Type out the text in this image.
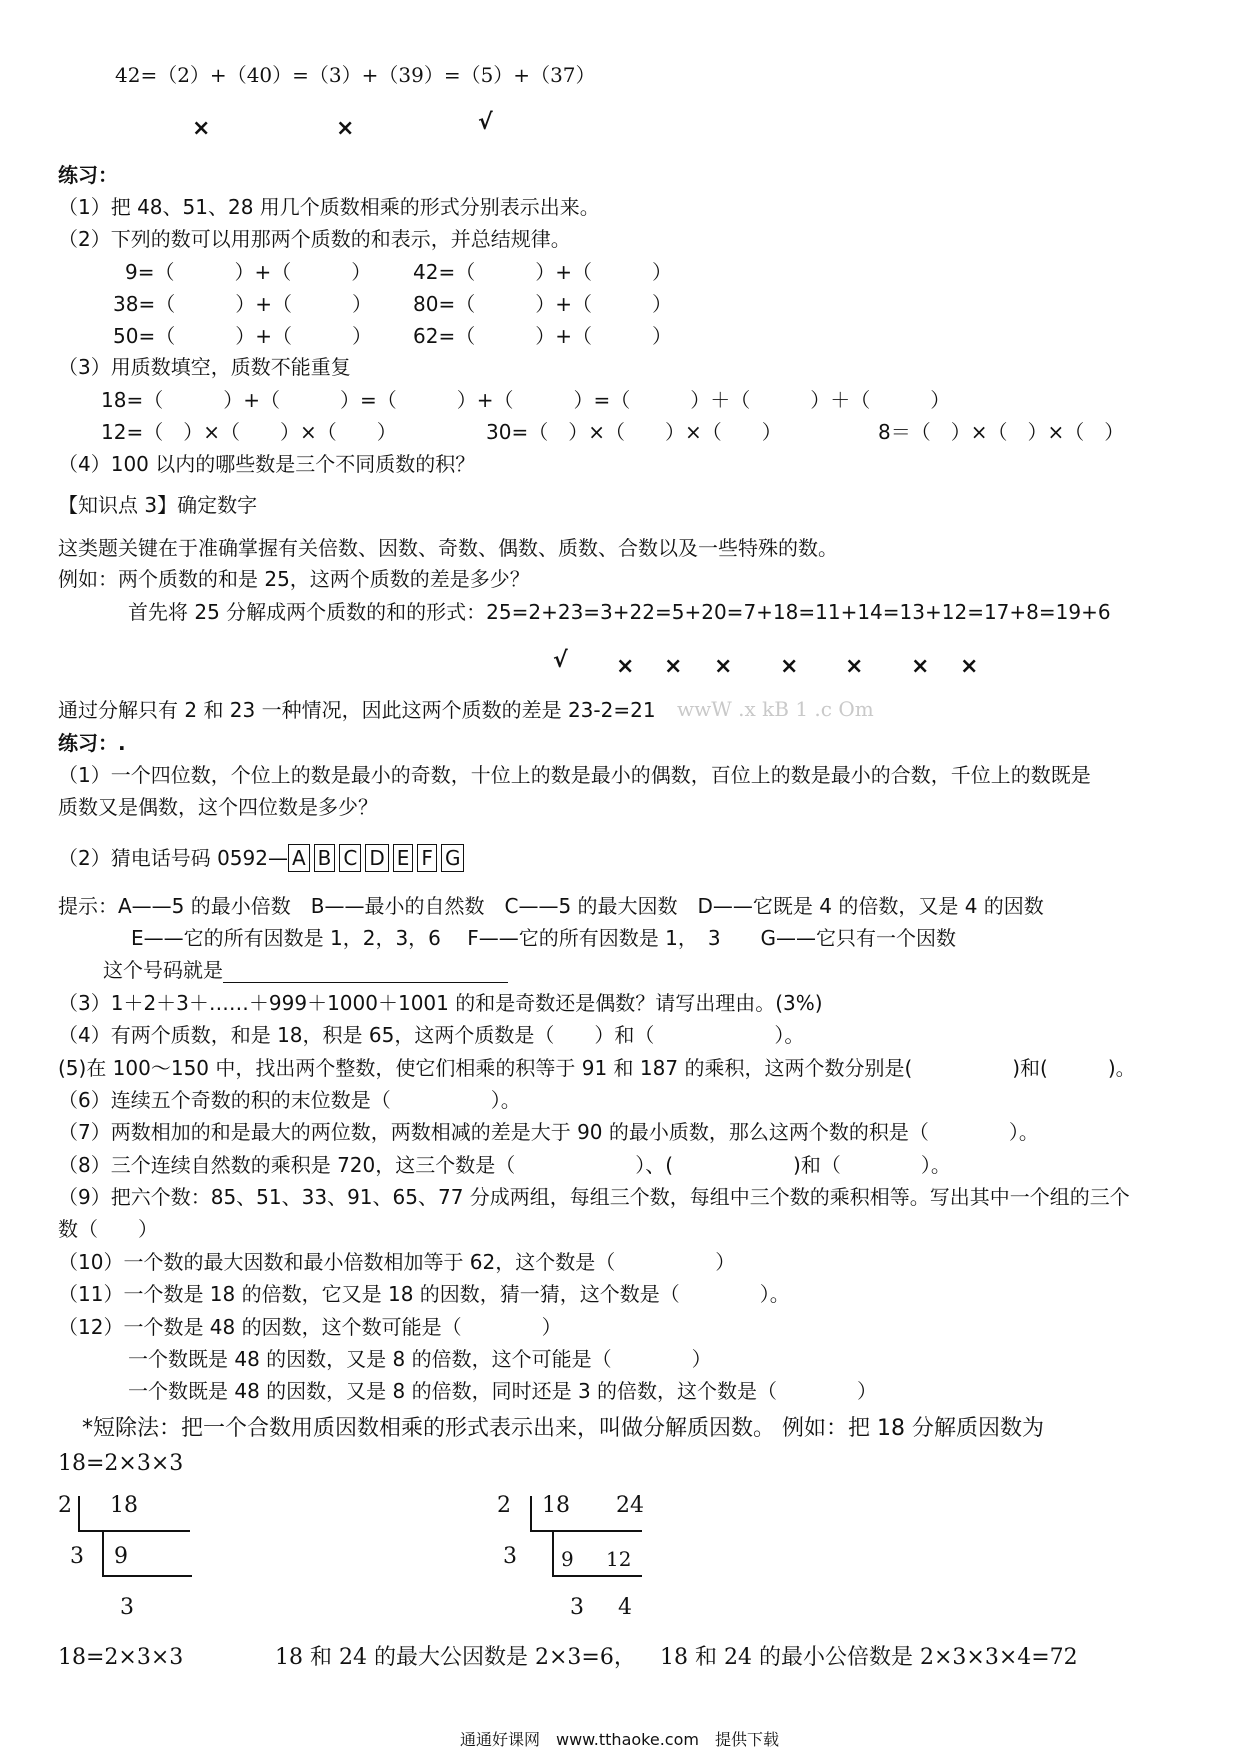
42=（2）+（40）=（3）+（39）=（5）+（37）
×	×	√
练习：
（1）把 48、51、28 用几个质数相乘的形式分别表示出来。
（2）下列的数可以用那两个质数的和表示，并总结规律。
9=（　　　）+（　　　） 42=（　　　）+（　　　）
38=（　　　）+（　　　） 80=（　　　）+（　　　）
50=（　　　）+（　　　） 62=（　　　）+（　　　）
（3）用质数填空，质数不能重复
18=（　　　）+（　　　）=（　　　）+（　　　）=（　　　）＋（　　　）＋（　　　）
12=（　）×（　　）×（　　）	30=（　）×（　　）×（　　）	8＝（　）×（　）×（　）
（4）100 以内的哪些数是三个不同质数的积？
【知识点 3】确定数字
这类题关键在于准确掌握有关倍数、因数、奇数、偶数、质数、合数以及一些特殊的数。
例如：两个质数的和是 25，这两个质数的差是多少？
首先将 25 分解成两个质数的和的形式：25=2+23=3+22=5+20=7+18=11+14=13+12=17+8=19+6
√ × × × × × × ×
通过分解只有 2 和 23 一种情况，因此这两个质数的差是 23-2=21 wwW .x kB 1 .c Om
练习：.
（1）一个四位数，个位上的数是最小的奇数，十位上的数是最小的偶数，百位上的数是最小的合数，千位上的数既是
质数又是偶数，这个四位数是多少？
（2）猜电话号码 0592— A B C D E F G
提示：A——5 的最小倍数　B——最小的自然数　C——5 的最大因数　D——它既是 4 的倍数，又是 4 的因数
E——它的所有因数是 1，2，3，6　 F——它的所有因数是 1，　3　　G——它只有一个因数
这个号码就是
（3）1＋2＋3＋……＋999＋1000＋1001 的和是奇数还是偶数？请写出理由。(3%)
（4）有两个质数，和是 18，积是 65，这两个质数是（　　）和（　　　　　　）。
(5)在 100～150 中，找出两个整数，使它们相乘的积等于 91 和 187 的乘积，这两个数分别是(　　　　　)和(　　　)。
（6）连续五个奇数的积的末位数是（　　　　　）。
（7）两数相加的和是最大的两位数，两数相减的差是大于 90 的最小质数，那么这两个数的积是（　　　　）。
（8）三个连续自然数的乘积是 720，这三个数是（　　　　　　）、(　　　　　　)和（　　　　）。
（9）把六个数：85、51、33、91、65、77 分成两组，每组三个数，每组中三个数的乘积相等。写出其中一个组的三个
数（　　）
（10）一个数的最大因数和最小倍数相加等于 62，这个数是（　　　　　）
（11）一个数是 18 的倍数，它又是 18 的因数，猜一猜，这个数是（　　　　）。
（12）一个数是 48 的因数，这个数可能是（　　　　）
一个数既是 48 的因数，又是 8 的倍数，这个可能是（　　　　）
一个数既是 48 的因数，又是 8 的倍数，同时还是 3 的倍数，这个数是（　　　　）
*短除法：把一个合数用质因数相乘的形式表示出来，叫做分解质因数。 例如：把 18 分解质因数为
18=2×3×3
2 18
3 9
3
2 18 24
3 9 12
3 4
18=2×3×3	18 和 24 的最大公因数是 2×3=6， 18 和 24 的最小公倍数是 2×3×3×4=72
通通好课网　www.tthaoke.com　提供下载
